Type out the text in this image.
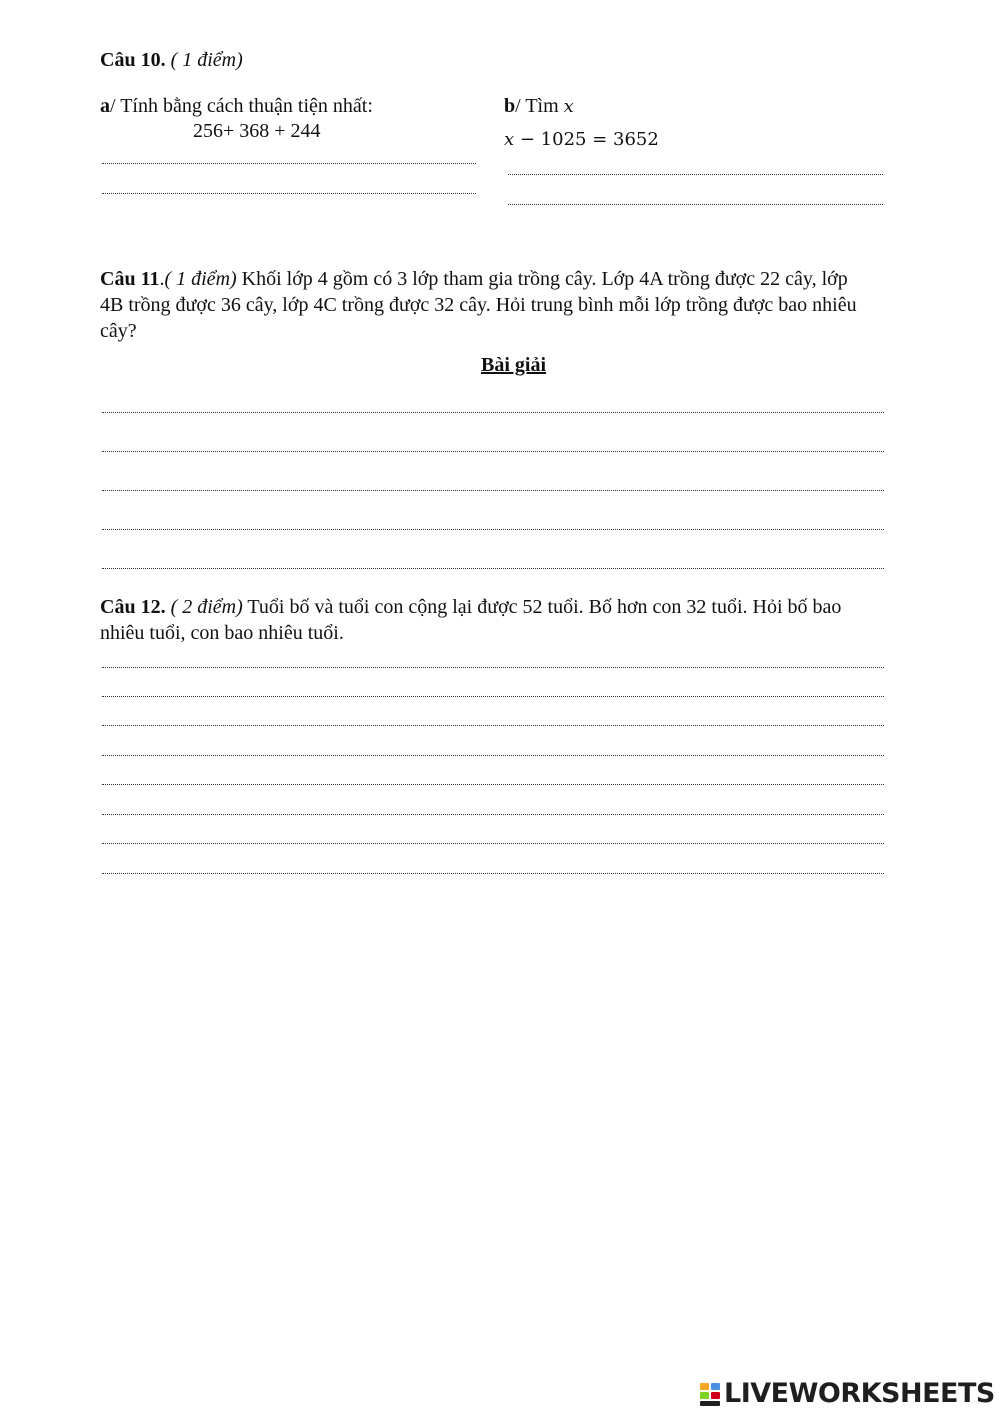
Câu 10. ( 1 điểm)
a/ Tính bằng cách thuận tiện nhất:
256+ 368 + 244
b/ Tìm x
x − 1025 = 3652
Câu 11.( 1 điểm) Khối lớp 4 gồm có 3 lớp tham gia trồng cây. Lớp 4A trồng được 22 cây, lớp
4B trồng được 36 cây, lớp 4C trồng được 32 cây. Hỏi trung bình mỗi lớp trồng được bao nhiêu
cây?
Bài giải
Câu 12. ( 2 điểm) Tuổi bố và tuổi con cộng lại được 52 tuổi. Bố hơn con 32 tuổi. Hỏi bố bao
nhiêu tuổi, con bao nhiêu tuổi.
LIVEWORKSHEETS
